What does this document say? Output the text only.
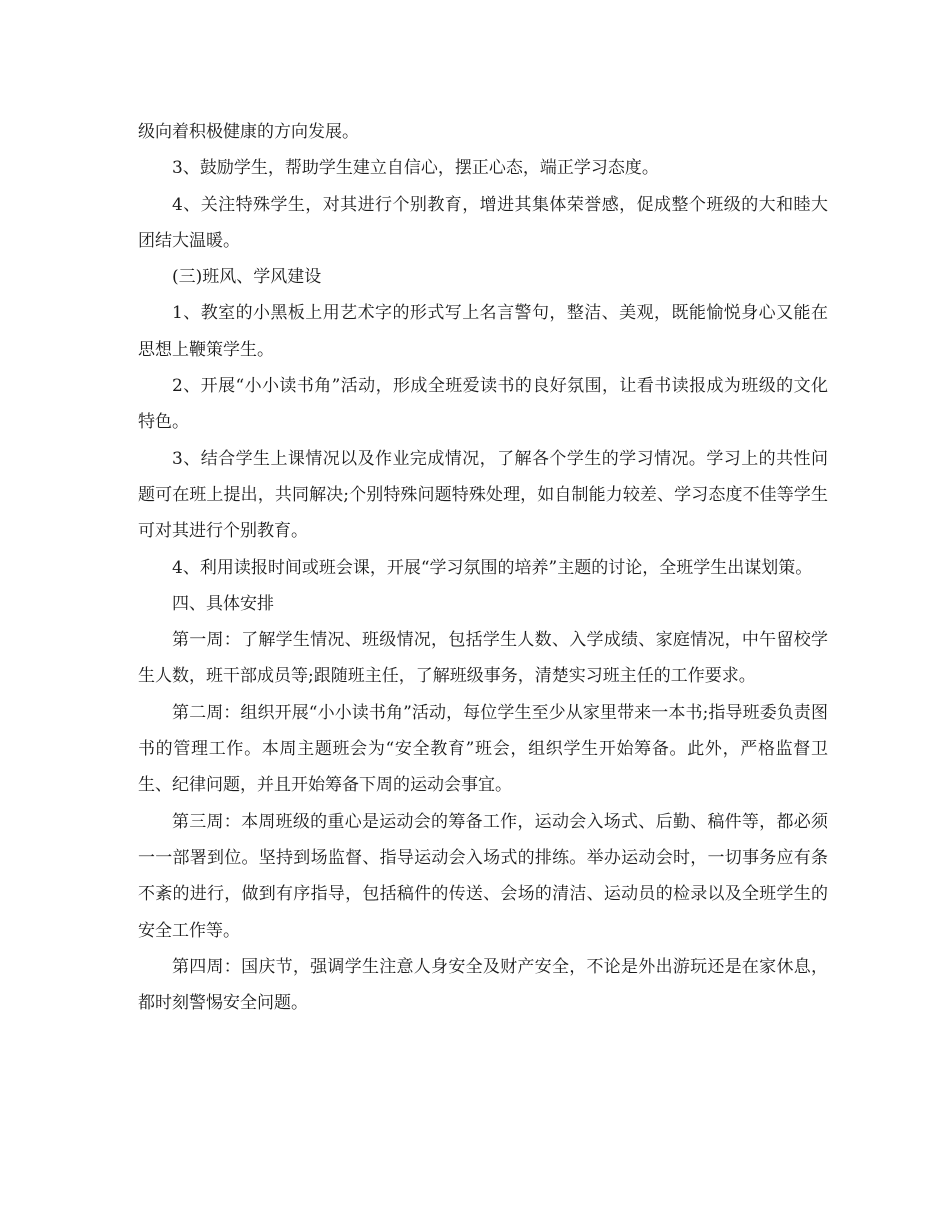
级向着积极健康的方向发展。

3、鼓励学生，帮助学生建立自信心，摆正心态，端正学习态度。

4、关注特殊学生，对其进行个别教育，增进其集体荣誉感，促成整个班级的大和睦大团结大温暖。

(三)班风、学风建设

1、教室的小黑板上用艺术字的形式写上名言警句，整洁、美观，既能愉悦身心又能在思想上鞭策学生。

2、开展“小小读书角”活动，形成全班爱读书的良好氛围，让看书读报成为班级的文化特色。

3、结合学生上课情况以及作业完成情况，了解各个学生的学习情况。学习上的共性问题可在班上提出，共同解决;个别特殊问题特殊处理，如自制能力较差、学习态度不佳等学生可对其进行个别教育。

4、利用读报时间或班会课，开展“学习氛围的培养”主题的讨论，全班学生出谋划策。

四、具体安排

第一周：了解学生情况、班级情况，包括学生人数、入学成绩、家庭情况，中午留校学生人数，班干部成员等;跟随班主任，了解班级事务，清楚实习班主任的工作要求。

第二周：组织开展“小小读书角”活动，每位学生至少从家里带来一本书;指导班委负责图书的管理工作。本周主题班会为“安全教育”班会，组织学生开始筹备。此外，严格监督卫生、纪律问题，并且开始筹备下周的运动会事宜。

第三周：本周班级的重心是运动会的筹备工作，运动会入场式、后勤、稿件等，都必须一一部署到位。坚持到场监督、指导运动会入场式的排练。举办运动会时，一切事务应有条不紊的进行，做到有序指导，包括稿件的传送、会场的清洁、运动员的检录以及全班学生的安全工作等。

第四周：国庆节，强调学生注意人身安全及财产安全，不论是外出游玩还是在家休息，都时刻警惕安全问题。
